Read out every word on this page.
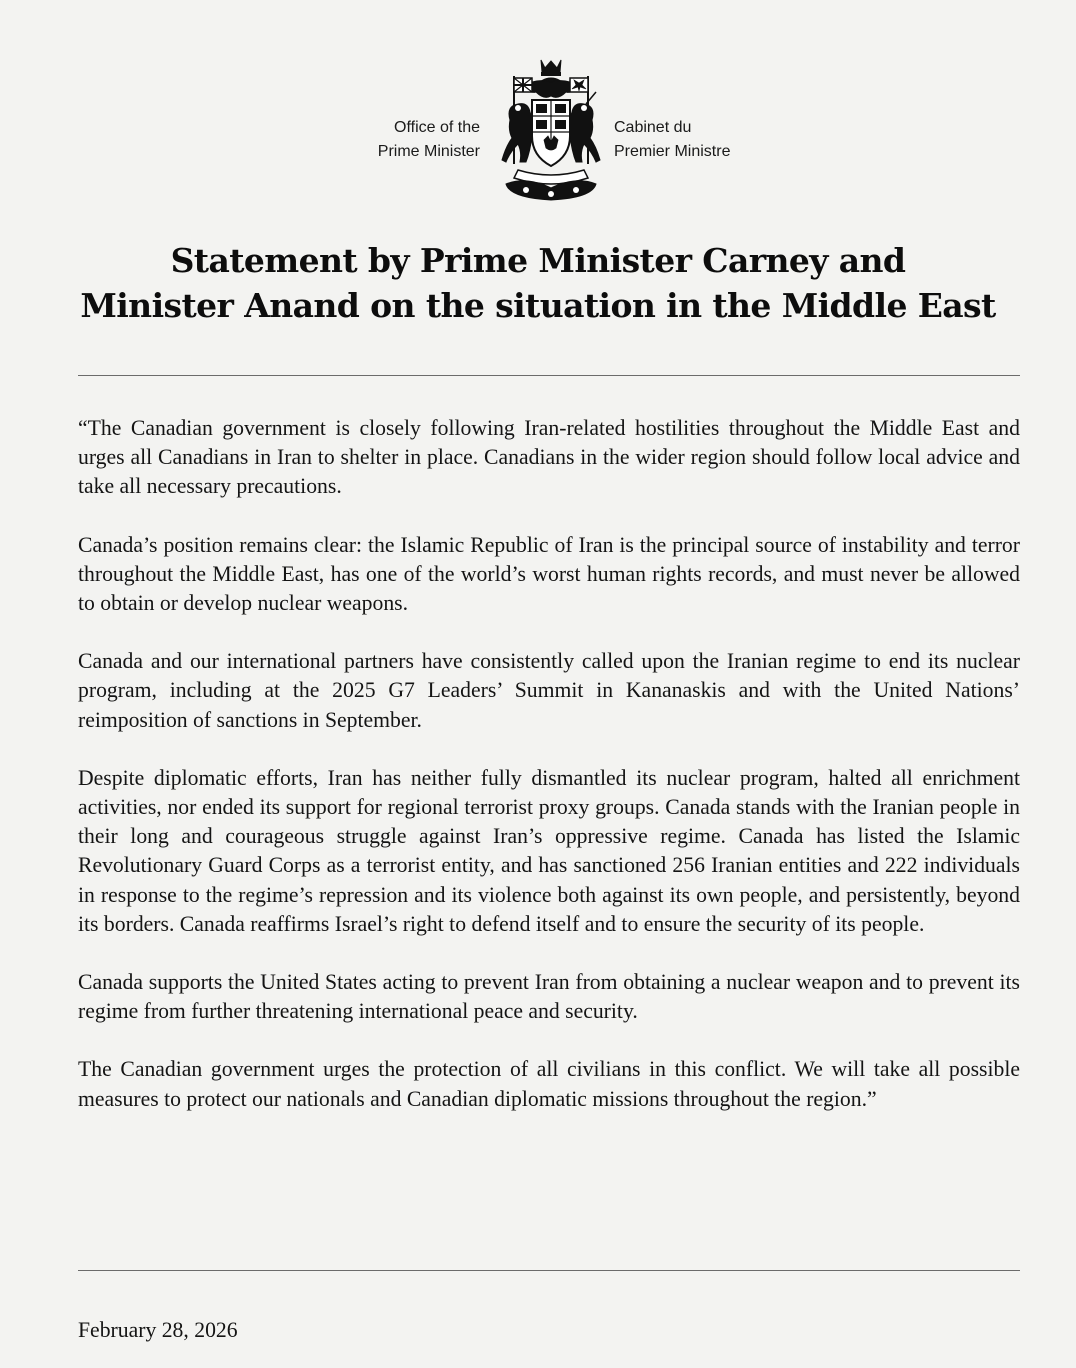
Office of the
Prime Minister
Cabinet du
Premier Ministre
Statement by Prime Minister Carney and
Minister Anand on the situation in the Middle East

“The Canadian government is closely following Iran-related hostilities throughout the Middle East and urges all Canadians in Iran to shelter in place. Canadians in the wider region should follow local advice and take all necessary precautions.

Canada’s position remains clear: the Islamic Republic of Iran is the principal source of instability and terror throughout the Middle East, has one of the world’s worst human rights records, and must never be allowed to obtain or develop nuclear weapons.

Canada and our international partners have consistently called upon the Iranian regime to end its nuclear program, including at the 2025 G7 Leaders’ Summit in Kananaskis and with the United Nations’ reimposition of sanctions in September.

Despite diplomatic efforts, Iran has neither fully dismantled its nuclear program, halted all enrichment activities, nor ended its support for regional terrorist proxy groups. Canada stands with the Iranian people in their long and courageous struggle against Iran’s oppressive regime. Canada has listed the Islamic Revolutionary Guard Corps as a terrorist entity, and has sanctioned 256 Iranian entities and 222 individuals in response to the regime’s repression and its violence both against its own people, and persistently, beyond its borders. Canada reaffirms Israel’s right to defend itself and to ensure the security of its people.

Canada supports the United States acting to prevent Iran from obtaining a nuclear weapon and to prevent its regime from further threatening international peace and security.

The Canadian government urges the protection of all civilians in this conflict. We will take all possible measures to protect our nationals and Canadian diplomatic missions throughout the region.”

February 28, 2026
